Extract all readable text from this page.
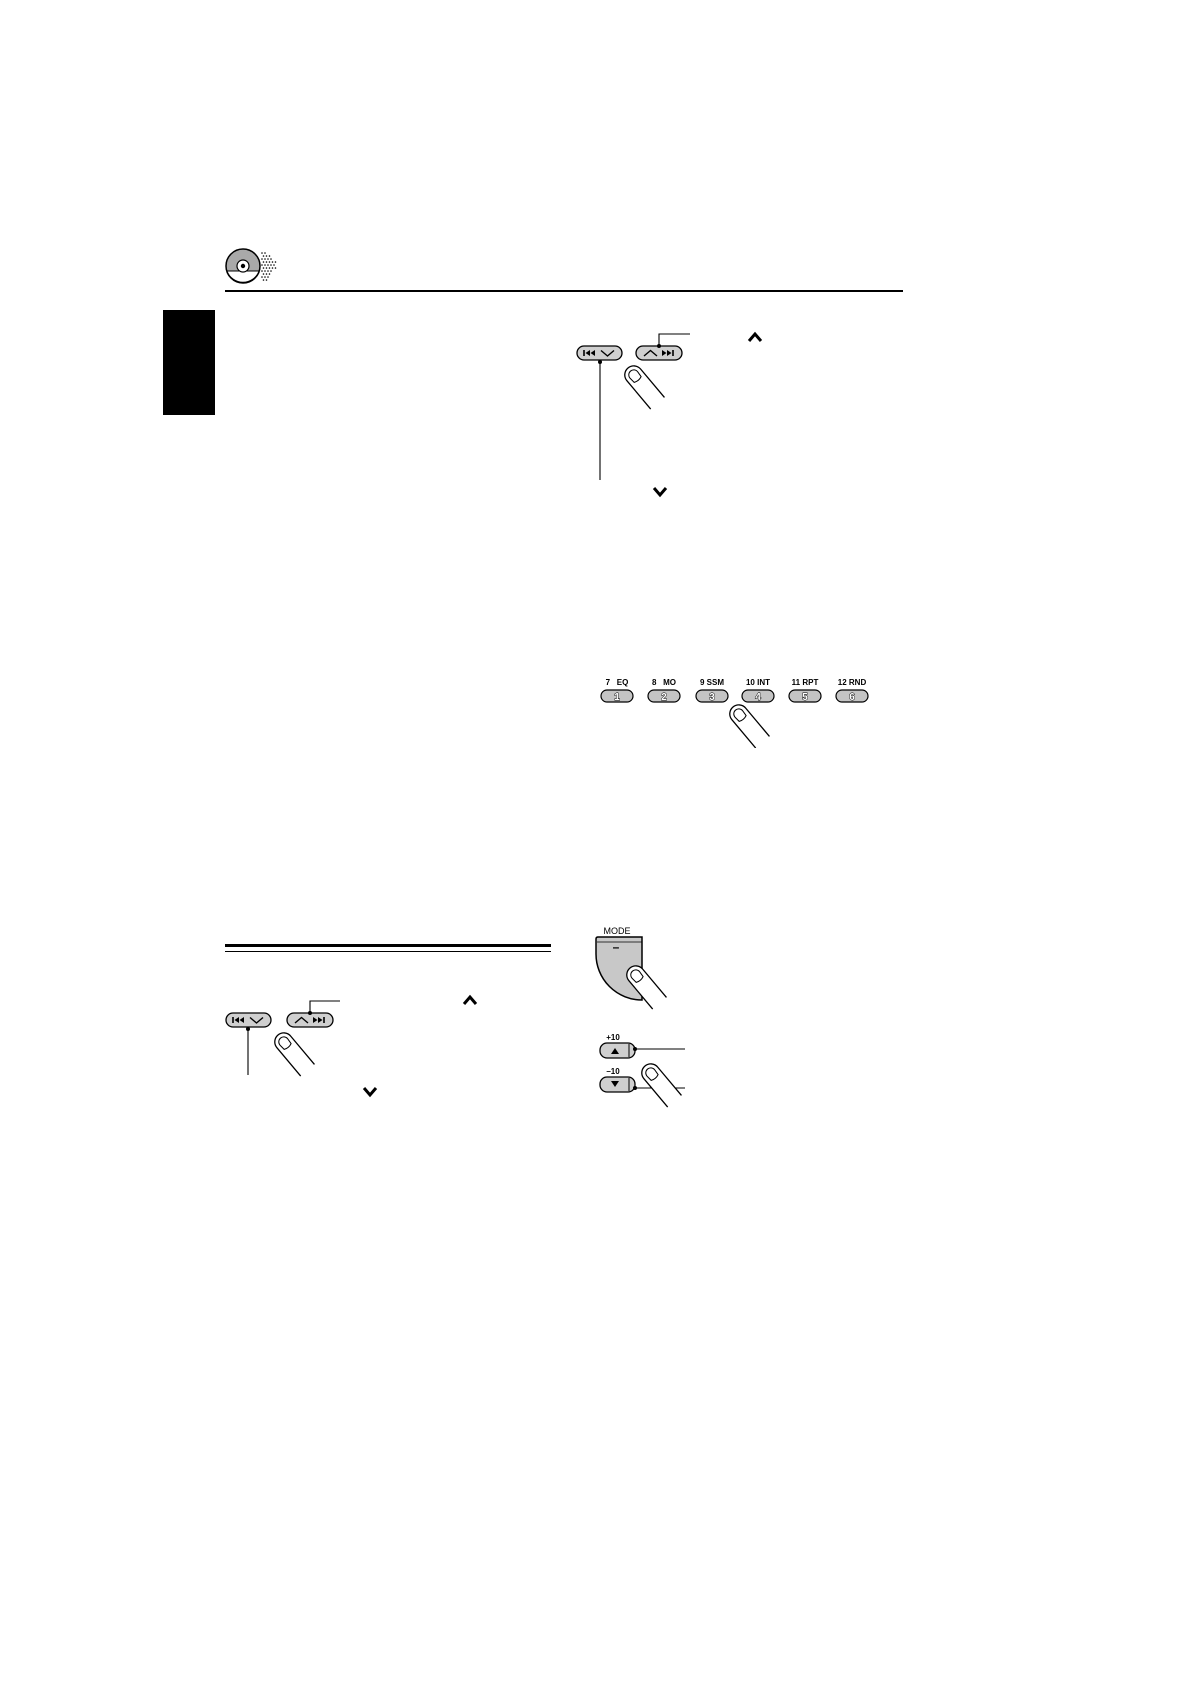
7   EQ	8   MO	9 SSM	10 INT	11 RPT 12 RND
1	2	3	4	5	6
MODE
–
+10
–10
